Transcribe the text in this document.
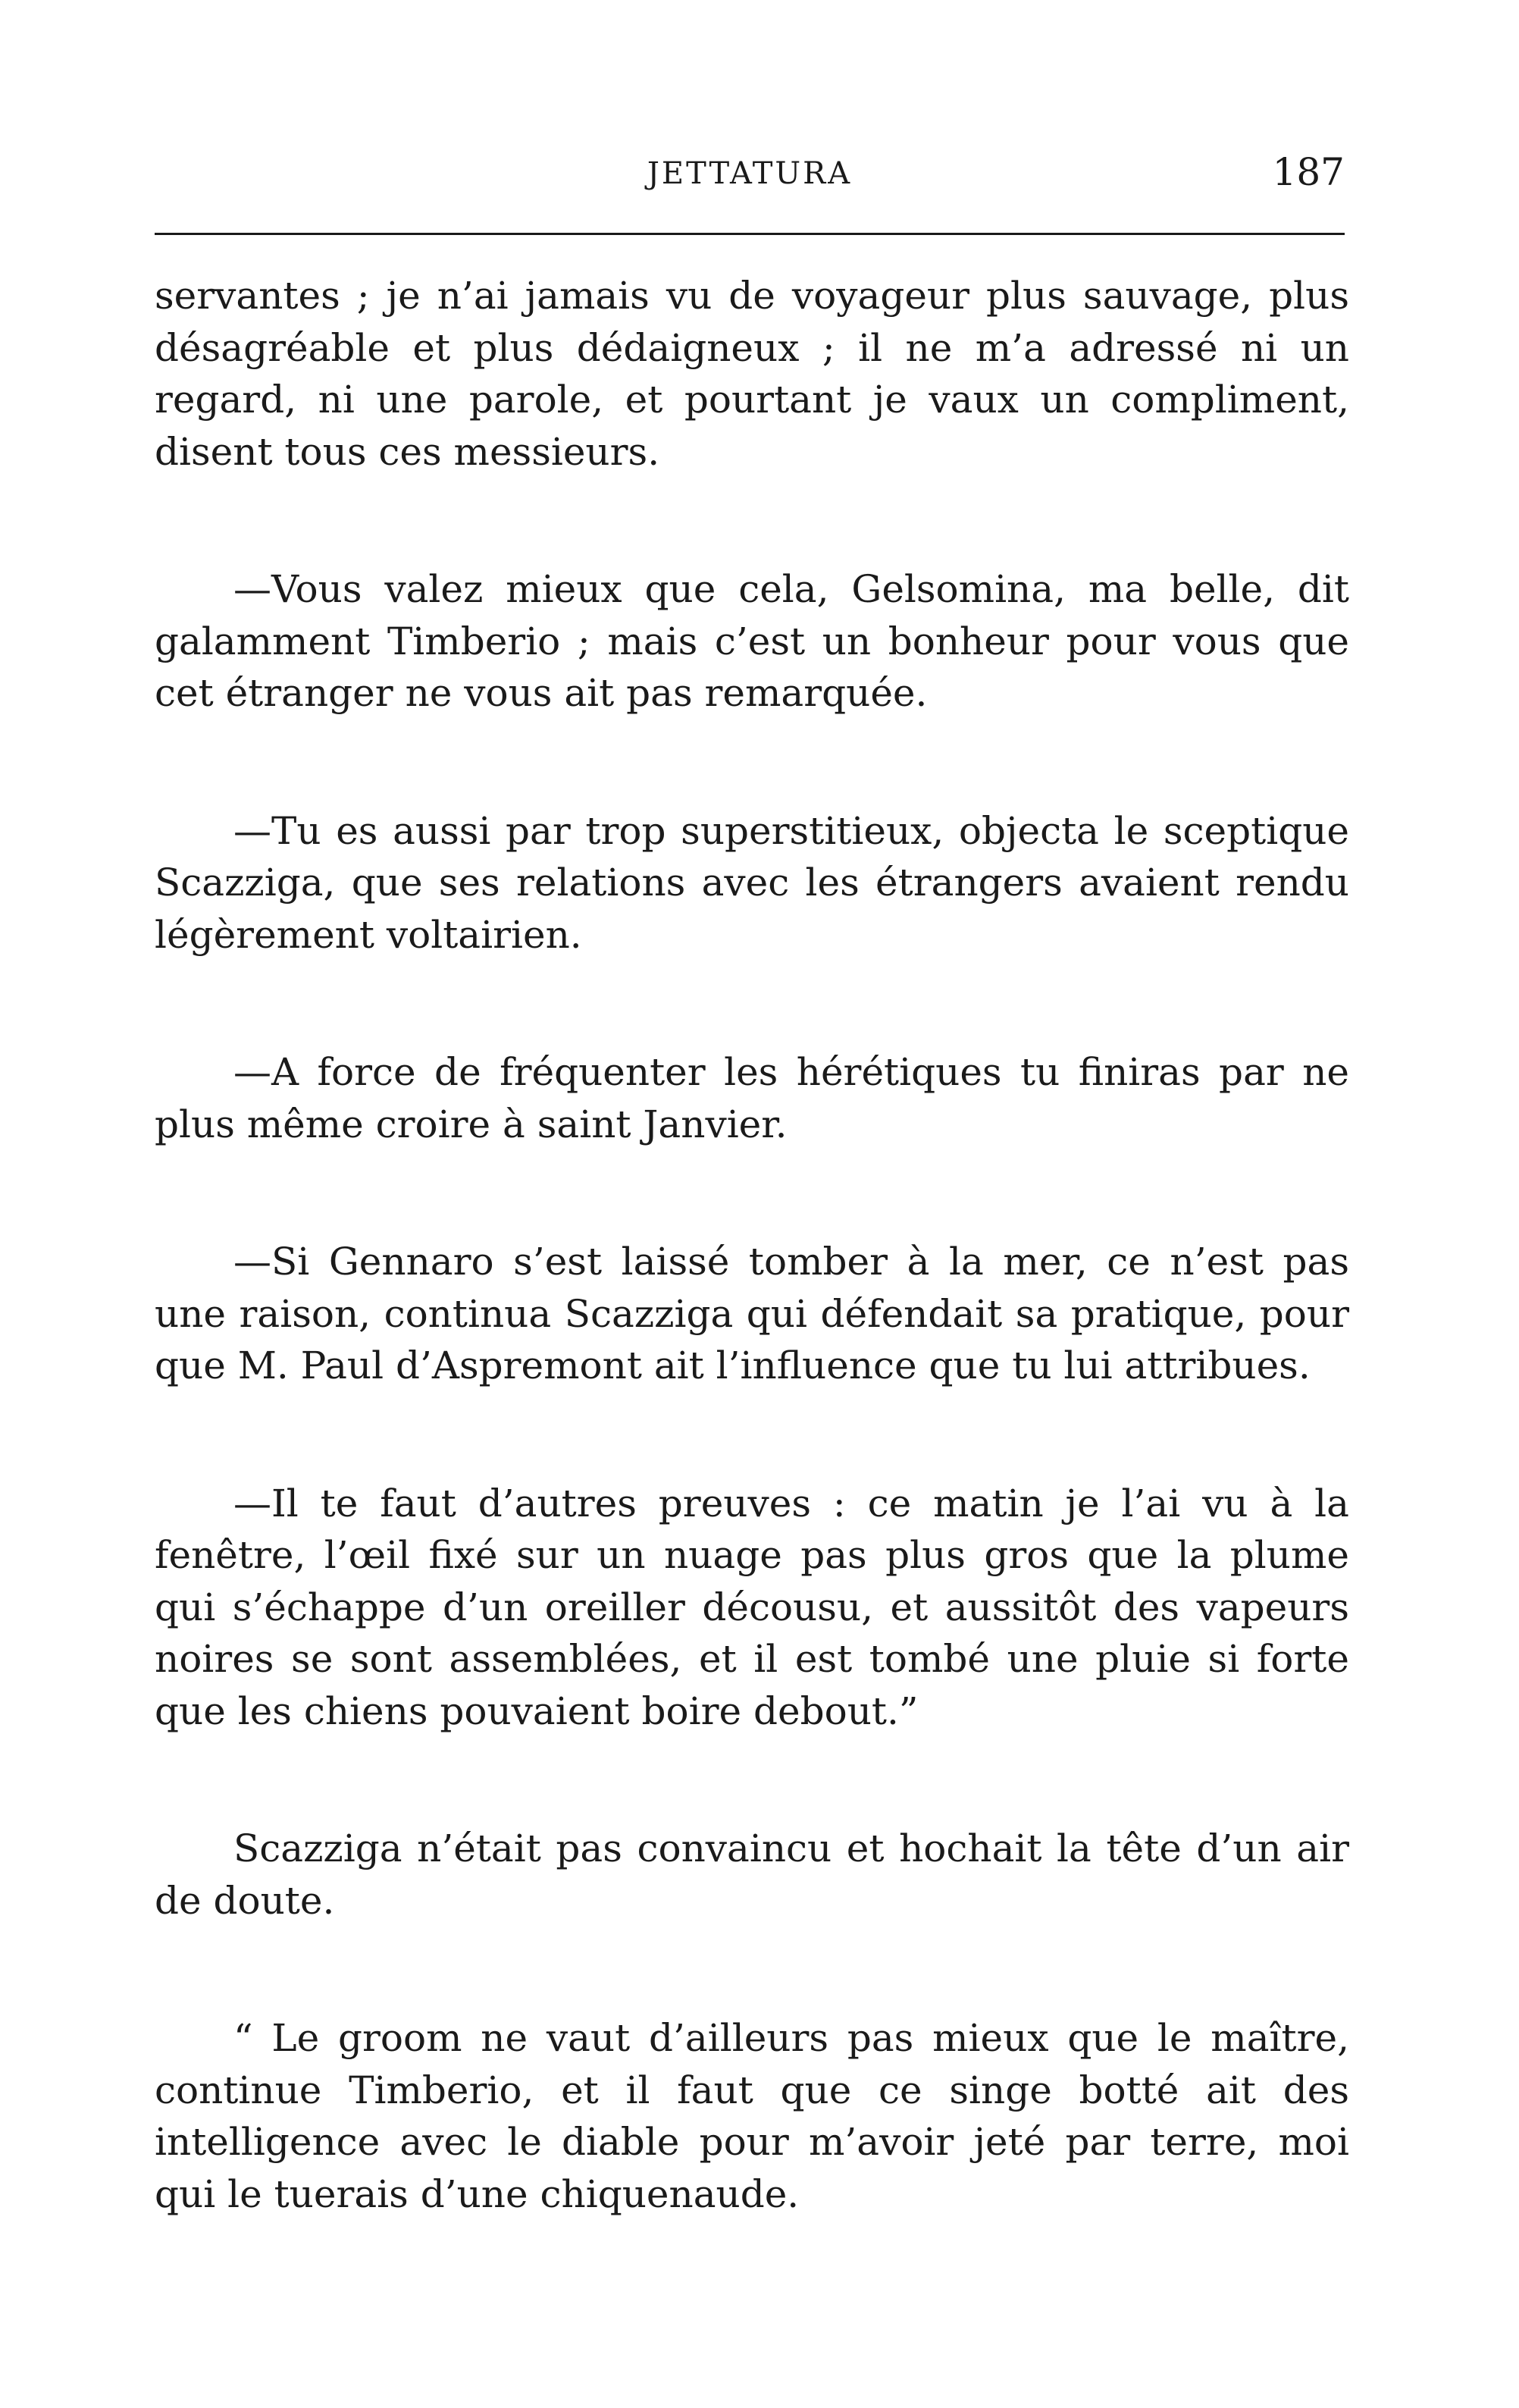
JETTATURA	187

servantes ; je n’ai jamais vu de voyageur plus sauvage, plus désagréable et plus dédaigneux ; il ne m’a adressé ni un regard, ni une parole, et pourtant je vaux un compliment, disent tous ces messieurs.

—Vous valez mieux que cela, Gelsomina, ma belle, dit galamment Timberio ; mais c’est un bonheur pour vous que cet étranger ne vous ait pas remarquée.

—Tu es aussi par trop superstitieux, objecta le sceptique Scazziga, que ses relations avec les étrangers avaient rendu légèrement voltairien.

—A force de fréquenter les hérétiques tu finiras par ne plus même croire à saint Janvier.

—Si Gennaro s’est laissé tomber à la mer, ce n’est pas une raison, continua Scazziga qui défendait sa pratique, pour que M. Paul d’Aspremont ait l’influence que tu lui attribues.

—Il te faut d’autres preuves : ce matin je l’ai vu à la fenêtre, l’œil fixé sur un nuage pas plus gros que la plume qui s’échappe d’un oreiller décousu, et aussitôt des vapeurs noires se sont assemblées, et il est tombé une pluie si forte que les chiens pouvaient boire debout.”

Scazziga n’était pas convaincu et hochait la tête d’un air de doute.

“ Le groom ne vaut d’ailleurs pas mieux que le maître, continue Timberio, et il faut que ce singe botté ait des intelligence avec le diable pour m’avoir jeté par terre, moi qui le tuerais d’une chiquenaude.
